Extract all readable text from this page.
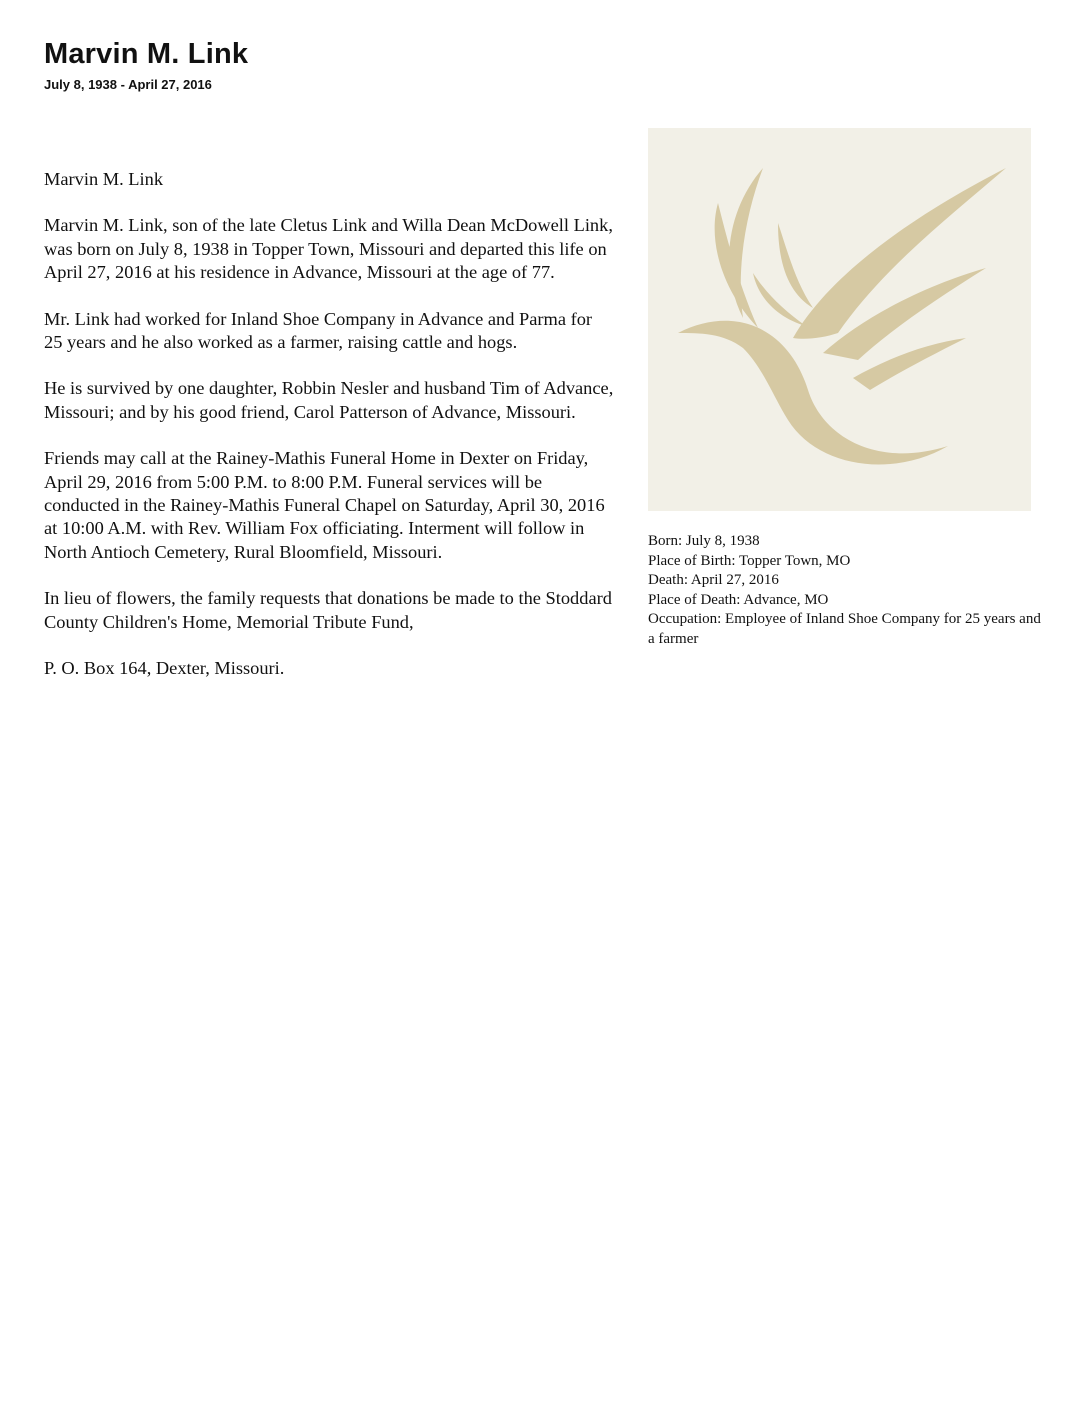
Marvin M. Link
July 8, 1938 - April 27, 2016

Marvin M. Link

Marvin M. Link, son of the late Cletus Link and Willa Dean McDowell Link, was born on July 8, 1938 in Topper Town, Missouri and departed this life on April 27, 2016 at his residence in Advance, Missouri at the age of 77.

Mr. Link had worked for Inland Shoe Company in Advance and Parma for 25 years and he also worked as a farmer, raising cattle and hogs.

He is survived by one daughter, Robbin Nesler and husband Tim of Advance, Missouri; and by his good friend, Carol Patterson of Advance, Missouri.

Friends may call at the Rainey-Mathis Funeral Home in Dexter on Friday, April 29, 2016 from 5:00 P.M. to 8:00 P.M. Funeral services will be conducted in the Rainey-Mathis Funeral Chapel on Saturday, April 30, 2016 at 10:00 A.M. with Rev. William Fox officiating. Interment will follow in North Antioch Cemetery, Rural Bloomfield, Missouri.

In lieu of flowers, the family requests that donations be made to the Stoddard County Children's Home, Memorial Tribute Fund,

P. O. Box 164, Dexter, Missouri.

Born: July 8, 1938
Place of Birth: Topper Town, MO
Death: April 27, 2016
Place of Death: Advance, MO
Occupation: Employee of Inland Shoe Company for 25 years and a farmer
